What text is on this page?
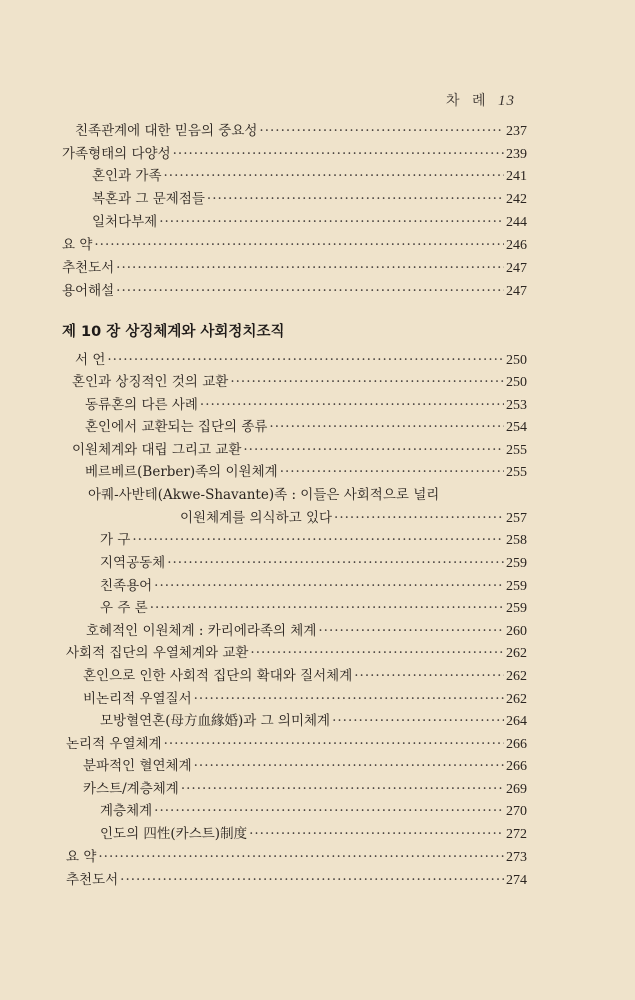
차 례 13
친족관계에 대한 믿음의 중요성 ·····	237
가족형태의 다양성 ·····	239
혼인과 가족 ·····	241
복혼과 그 문제점들 ·····	242
일처다부제 ·····	244
요 약 ·····	246
추천도서 ·····	247
용어해설 ·····	247
제 10 장 상징체계와 사회정치조직
서 언 ·····	250
혼인과 상징적인 것의 교환 ·····	250
동류혼의 다른 사례 ·····	253
혼인에서 교환되는 집단의 종류 ·····	254
이원체계와 대립 그리고 교환 ·····	255
베르베르(Berber)족의 이원체계 ·····	255
아퀘-사반테(Akwe-Shavante)족 : 이들은 사회적으로 널리
이원체계를 의식하고 있다 ·····	257
가 구 ·····	258
지역공동체 ·····	259
친족용어 ·····	259
우 주 론 ·····	259
호혜적인 이원체계 : 카리에라족의 체계 ·····	260
사회적 집단의 우열체계와 교환 ·····	262
혼인으로 인한 사회적 집단의 확대와 질서체계 ·····	262
비논리적 우열질서 ·····	262
모방혈연혼(母方血緣婚)과 그 의미체계 ·····	264
논리적 우열체계 ·····	266
분파적인 혈연체계 ·····	266
카스트/계층체계 ·····	269
계층체계 ·····	270
인도의 四性(카스트)制度 ·····	272
요 약 ·····	273
추천도서 ·····	274
